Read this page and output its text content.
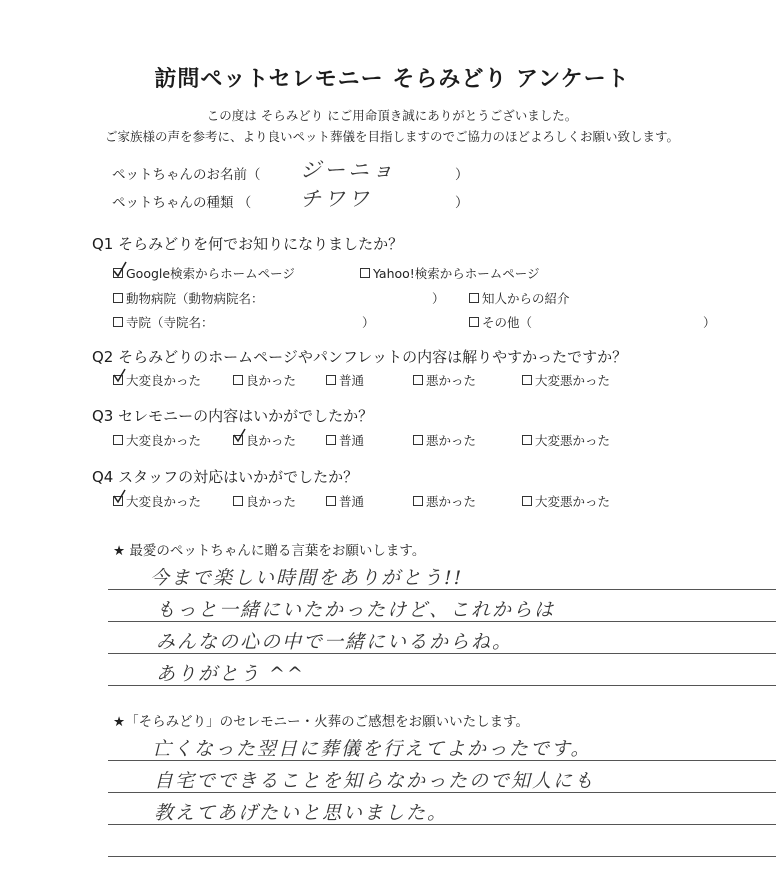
訪問ペットセレモニー そらみどり アンケート
この度は そらみどり にご用命頂き誠にありがとうございました。
ご家族様の声を参考に、より良いペット葬儀を目指しますのでご協力のほどよろしくお願い致します。
ペットちゃんのお名前（ ジーニョ	）
ペットちゃんの種類 （ チワワ	）
Q1 そらみどりを何でお知りになりましたか？
Google検索からホームページ	Yahoo!検索からホームページ
動物病院（動物病院名：	）	知人からの紹介
寺院（寺院名：	）	その他（	）
Q2 そらみどりのホームページやパンフレットの内容は解りやすかったですか？
大変良かった	良かった	普通	悪かった	大変悪かった
Q3 セレモニーの内容はいかがでしたか？
大変良かった	良かった	普通	悪かった	大変悪かった
Q4 スタッフの対応はいかがでしたか？
大変良かった	良かった	普通	悪かった	大変悪かった
★ 最愛のペットちゃんに贈る言葉をお願いします。
今まで楽しい時間をありがとう!!
もっと一緒にいたかったけど、これからは
みんなの心の中で一緒にいるからね。
ありがとう ^^
★「そらみどり」のセレモニー・火葬のご感想をお願いいたします。
亡くなった翌日に葬儀を行えてよかったです。
自宅でできることを知らなかったので知人にも
教えてあげたいと思いました。
